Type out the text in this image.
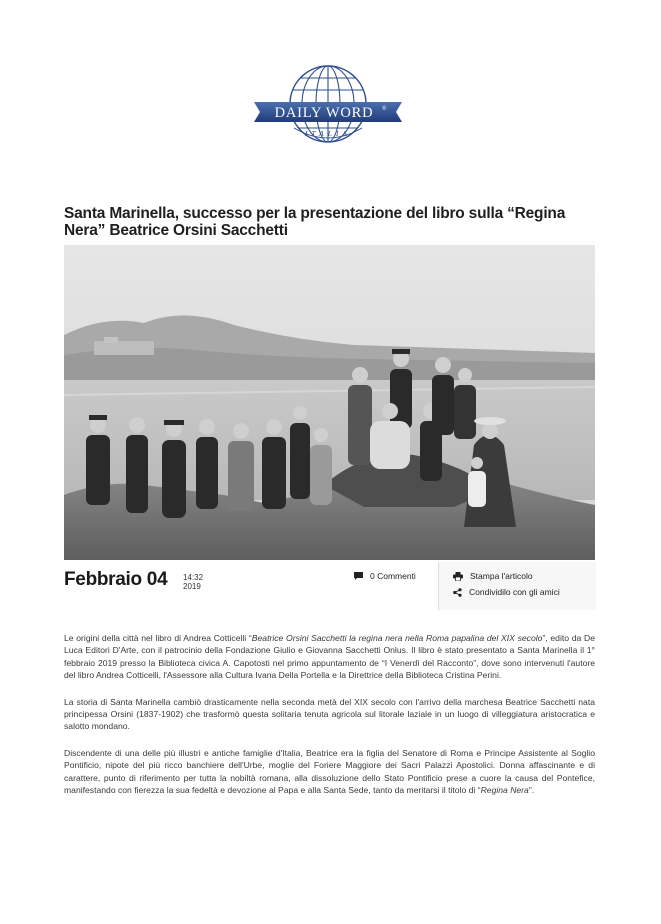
DAILY WORD ®
ITALIA
Santa Marinella, successo per la presentazione del libro sulla “Regina Nera” Beatrice Orsini Sacchetti
Febbraio 04 14:32
2019
0 Commenti	Stampa l'articolo
Condividilo con gli amici

Le origini della città nel libro di Andrea Cotticelli “Beatrice Orsini Sacchetti la regina nera nella Roma papalina del XIX secolo”, edito da De Luca Editori D'Arte, con il patrocinio della Fondazione Giulio e Giovanna Sacchetti Onlus. Il libro è stato presentato a Santa Marinella il 1° febbraio 2019 presso la Biblioteca civica A. Capotosti nel primo appuntamento de “I Venerdì del Racconto”, dove sono intervenuti l'autore del libro Andrea Cotticelli, l'Assessore alla Cultura Ivana Della Portella e la Direttrice della Biblioteca Cristina Perini.

La storia di Santa Marinella cambiò drasticamente nella seconda metà del XIX secolo con l'arrivo della marchesa Beatrice Sacchetti nata principessa Orsini (1837-1902) che trasformò questa solitaria tenuta agricola sul litorale laziale in un luogo di villeggiatura aristocratica e salotto mondano.

Discendente di una delle più illustri e antiche famiglie d'Italia, Beatrice era la figlia del Senatore di Roma e Principe Assistente al Soglio Pontificio, nipote del più ricco banchiere dell'Urbe, moglie del Foriere Maggiore dei Sacri Palazzi Apostolici. Donna affascinante e di carattere, punto di riferimento per tutta la nobiltà romana, alla dissoluzione dello Stato Pontificio prese a cuore la causa del Pontefice, manifestando con fierezza la sua fedeltà e devozione al Papa e alla Santa Sede, tanto da meritarsi il titolo di “Regina Nera”.
